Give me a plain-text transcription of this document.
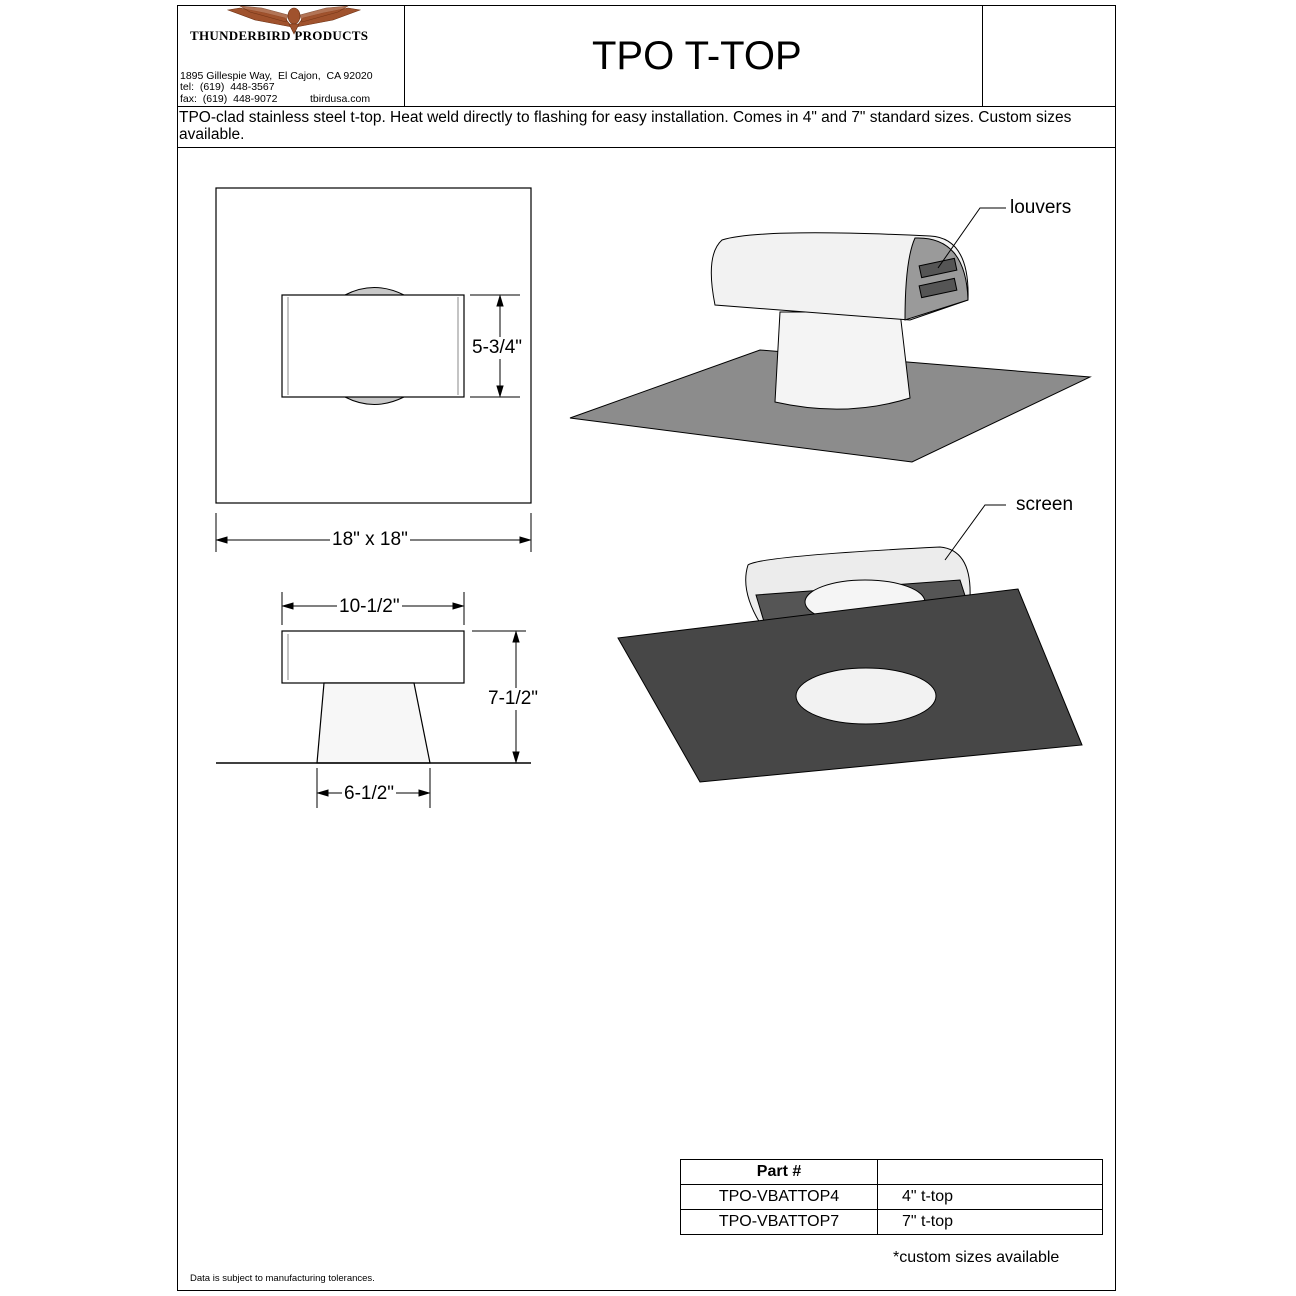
THUNDERBIRD PRODUCTS
1895 Gillespie Way,  El Cajon,  CA 92020
tel:  (619)  448-3567
fax:  (619)  448-9072	tbirdusa.com
TPO T-TOP
TPO-clad stainless steel t-top. Heat weld directly to flashing for easy installation. Comes in 4" and 7" standard sizes. Custom sizes available.
5-3/4"
18" x 18"
10-1/2"
7-1/2"
6-1/2"
louvers
screen
Part #	
TPO-VBATTOP4	4" t-top
TPO-VBATTOP7	7" t-top
*custom sizes available
Data is subject to manufacturing tolerances.
